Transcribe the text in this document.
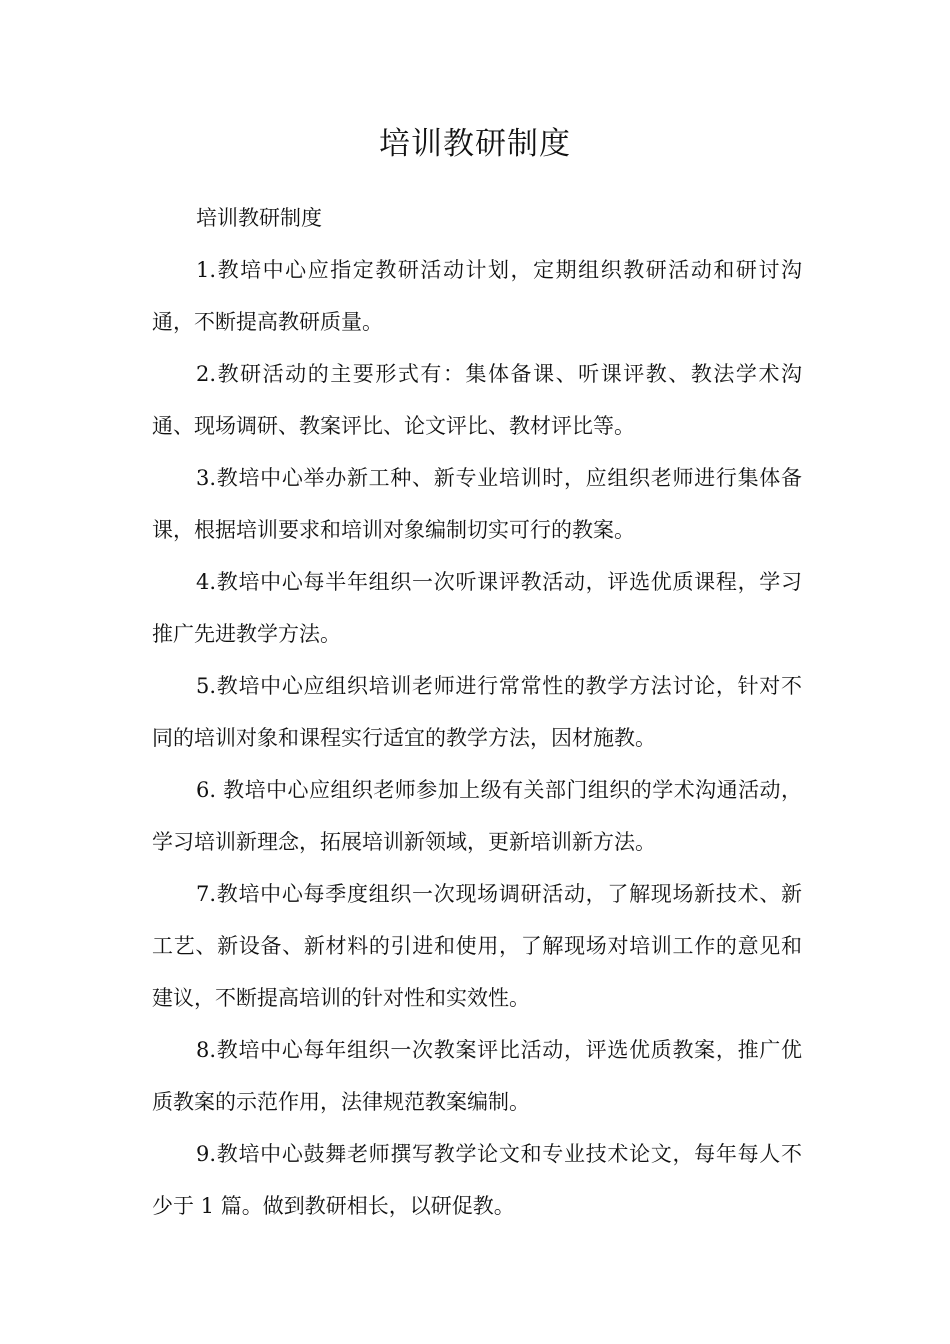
培训教研制度

培训教研制度

1.教培中心应指定教研活动计划，定期组织教研活动和研讨沟通，不断提高教研质量。

2.教研活动的主要形式有：集体备课、听课评教、教法学术沟通、现场调研、教案评比、论文评比、教材评比等。

3.教培中心举办新工种、新专业培训时，应组织老师进行集体备课，根据培训要求和培训对象编制切实可行的教案。

4.教培中心每半年组织一次听课评教活动，评选优质课程，学习推广先进教学方法。

5.教培中心应组织培训老师进行常常性的教学方法讨论，针对不同的培训对象和课程实行适宜的教学方法，因材施教。

6. 教培中心应组织老师参加上级有关部门组织的学术沟通活动，学习培训新理念，拓展培训新领域，更新培训新方法。

7.教培中心每季度组织一次现场调研活动，了解现场新技术、新工艺、新设备、新材料的引进和使用，了解现场对培训工作的意见和建议，不断提高培训的针对性和实效性。

8.教培中心每年组织一次教案评比活动，评选优质教案，推广优质教案的示范作用，法律规范教案编制。

9.教培中心鼓舞老师撰写教学论文和专业技术论文，每年每人不少于 1 篇。做到教研相长，以研促教。
